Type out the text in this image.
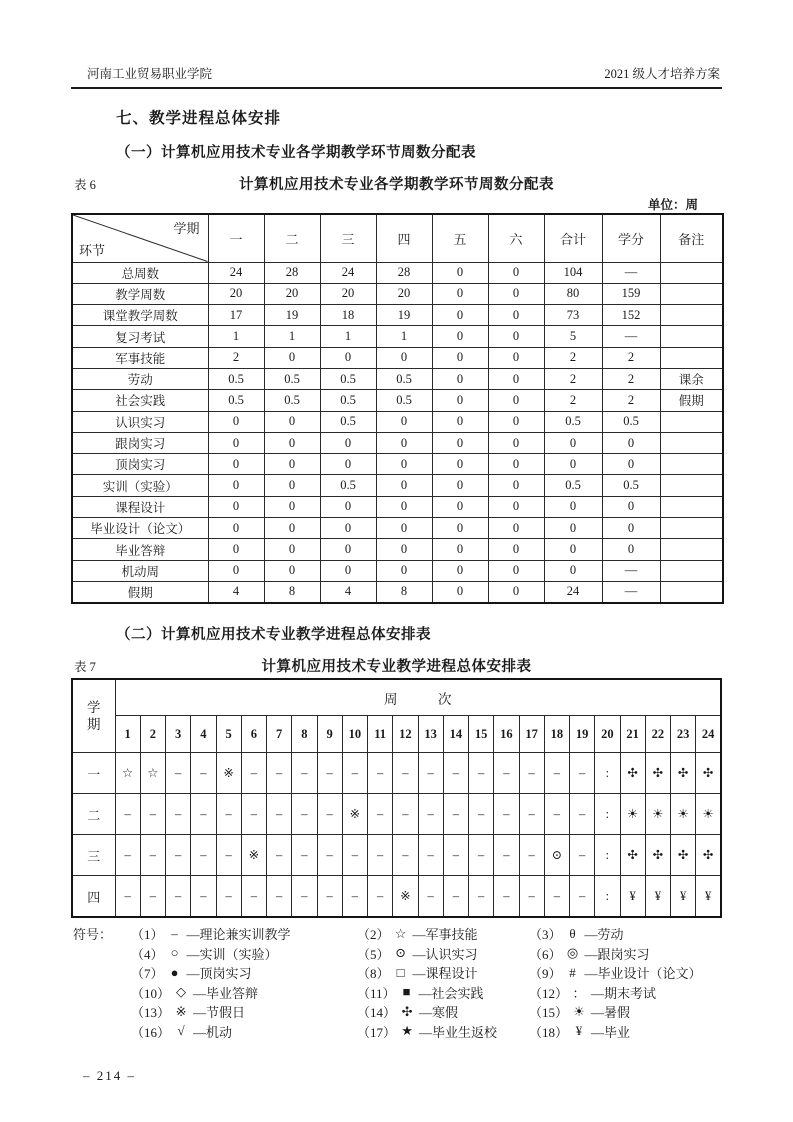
河南工业贸易职业学院	2021 级人才培养方案
七、教学进程总体安排
（一）计算机应用技术专业各学期教学环节周数分配表
表 6	计算机应用技术专业各学期教学环节周数分配表
单位：周
学期
环节	一	二	三	四	五	六	合计	学分	备注
总周数	24	28	24	28	0	0	104	—	
教学周数	20	20	20	20	0	0	80	159	
课堂教学周数	17	19	18	19	0	0	73	152	
复习考试	1	1	1	1	0	0	5	—	
军事技能	2	0	0	0	0	0	2	2	
劳动	0.5	0.5	0.5	0.5	0	0	2	2	课余
社会实践	0.5	0.5	0.5	0.5	0	0	2	2	假期
认识实习	0	0	0.5	0	0	0	0.5	0.5	
跟岗实习	0	0	0	0	0	0	0	0	
顶岗实习	0	0	0	0	0	0	0	0	
实训（实验）	0	0	0.5	0	0	0	0.5	0.5	
课程设计	0	0	0	0	0	0	0	0	
毕业设计（论文）	0	0	0	0	0	0	0	0	
毕业答辩	0	0	0	0	0	0	0	0	
机动周	0	0	0	0	0	0	0	—	
假期	4	8	4	8	0	0	24	—	
（二）计算机应用技术专业教学进程总体安排表
表 7	计算机应用技术专业教学进程总体安排表
学
期	周　　　次																							
	1	2	3	4	5	6	7	8	9	10	11	12	13	14	15	16	17	18	19	20	21	22	23	24
一	☆	☆	–	–	※	–	–	–	–	–	–	–	–	–	–	–	–	–	–	:	✣	✣	✣	✣
二	–	–	–	–	–	–	–	–	–	※	–	–	–	–	–	–	–	–	–	:	☀	☀	☀	☀
三	–	–	–	–	–	※	–	–	–	–	–	–	–	–	–	–	–	⊙	–	:	✣	✣	✣	✣
四	–	–	–	–	–	–	–	–	–	–	–	※	–	–	–	–	–	–	–	:	¥	¥	¥	¥
符号：	（1） – —理论兼实训教学	（2） ☆ —军事技能	（3） θ —劳动
（4） ○ —实训（实验）	（5） ⊙ —认识实习	（6） ◎ —跟岗实习
（7） ● —顶岗实习	（8） □ —课程设计	（9） # —毕业设计（论文）
（10） ◇ —毕业答辩	（11） ■ —社会实践	（12） ： —期末考试
（13） ※ —节假日	（14） ✣ —寒假	（15） ☀ —暑假
（16） √ —机动	（17） ★ —毕业生返校 （18） ¥ —毕业
– 214 –
